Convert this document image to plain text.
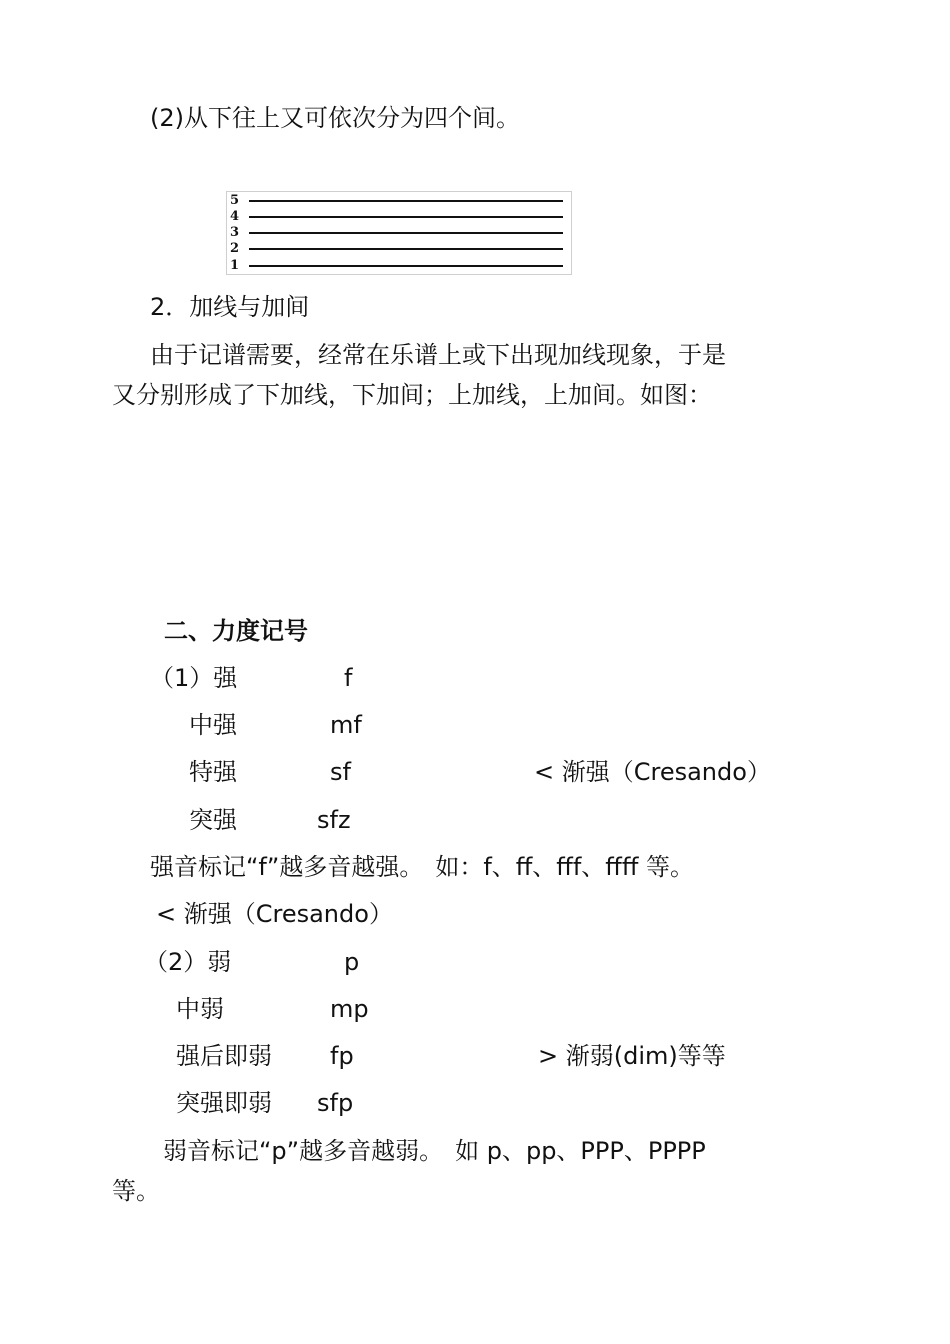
(2)从下往上又可依次分为四个间。
5
4
3
2
1
2．加线与加间
由于记谱需要，经常在乐谱上或下出现加线现象，于是
又分别形成了下加线，下加间；上加线，上加间。如图：
二、力度记号
（1）强	f
中强	mf
特强	sf	< 渐强（Cresando）
突强	sfz
强音标记“f”越多音越强。　如：f、ff、fff、ffff 等。
< 渐强（Cresando）
（2）弱	p
中弱	mp
强后即弱 fp	> 渐弱(dim)等等
突强即弱 sfp
弱音标记“p”越多音越弱。　如 p、pp、PPP、PPPP
等。
